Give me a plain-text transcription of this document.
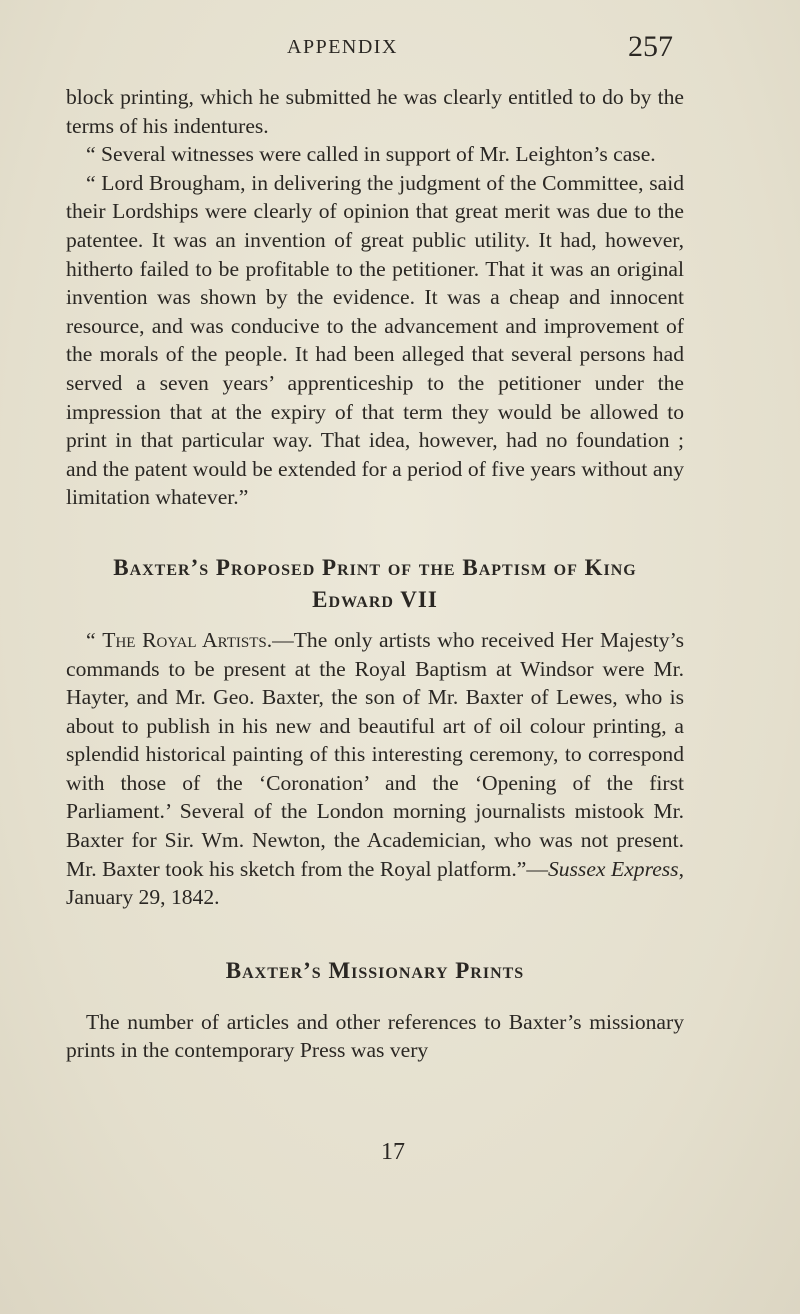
APPENDIX	257

block printing, which he submitted he was clearly entitled to do by the terms of his indentures.

“ Several witnesses were called in support of Mr. Leighton’s case.

“ Lord Brougham, in delivering the judgment of the Committee, said their Lordships were clearly of opinion that great merit was due to the patentee. It was an invention of great public utility. It had, however, hitherto failed to be profitable to the petitioner. That it was an original invention was shown by the evidence. It was a cheap and innocent resource, and was conducive to the advancement and improvement of the morals of the people. It had been alleged that several persons had served a seven years’ apprenticeship to the petitioner under the impression that at the expiry of that term they would be allowed to print in that particular way. That idea, however, had no foundation ; and the patent would be extended for a period of five years without any limitation whatever.”

Baxter’s Proposed Print of the Baptism of King
Edward VII

“ The Royal Artists.—The only artists who received Her Majesty’s commands to be present at the Royal Baptism at Windsor were Mr. Hayter, and Mr. Geo. Baxter, the son of Mr. Baxter of Lewes, who is about to publish in his new and beautiful art of oil colour printing, a splendid historical painting of this interesting ceremony, to correspond with those of the ‘Coronation’ and the ‘Opening of the first Parliament.’ Several of the London morning journalists mistook Mr. Baxter for Sir. Wm. Newton, the Academician, who was not present. Mr. Baxter took his sketch from the Royal platform.”—Sussex Express, January 29, 1842.

Baxter’s Missionary Prints

The number of articles and other references to Baxter’s missionary prints in the contemporary Press was very

17
